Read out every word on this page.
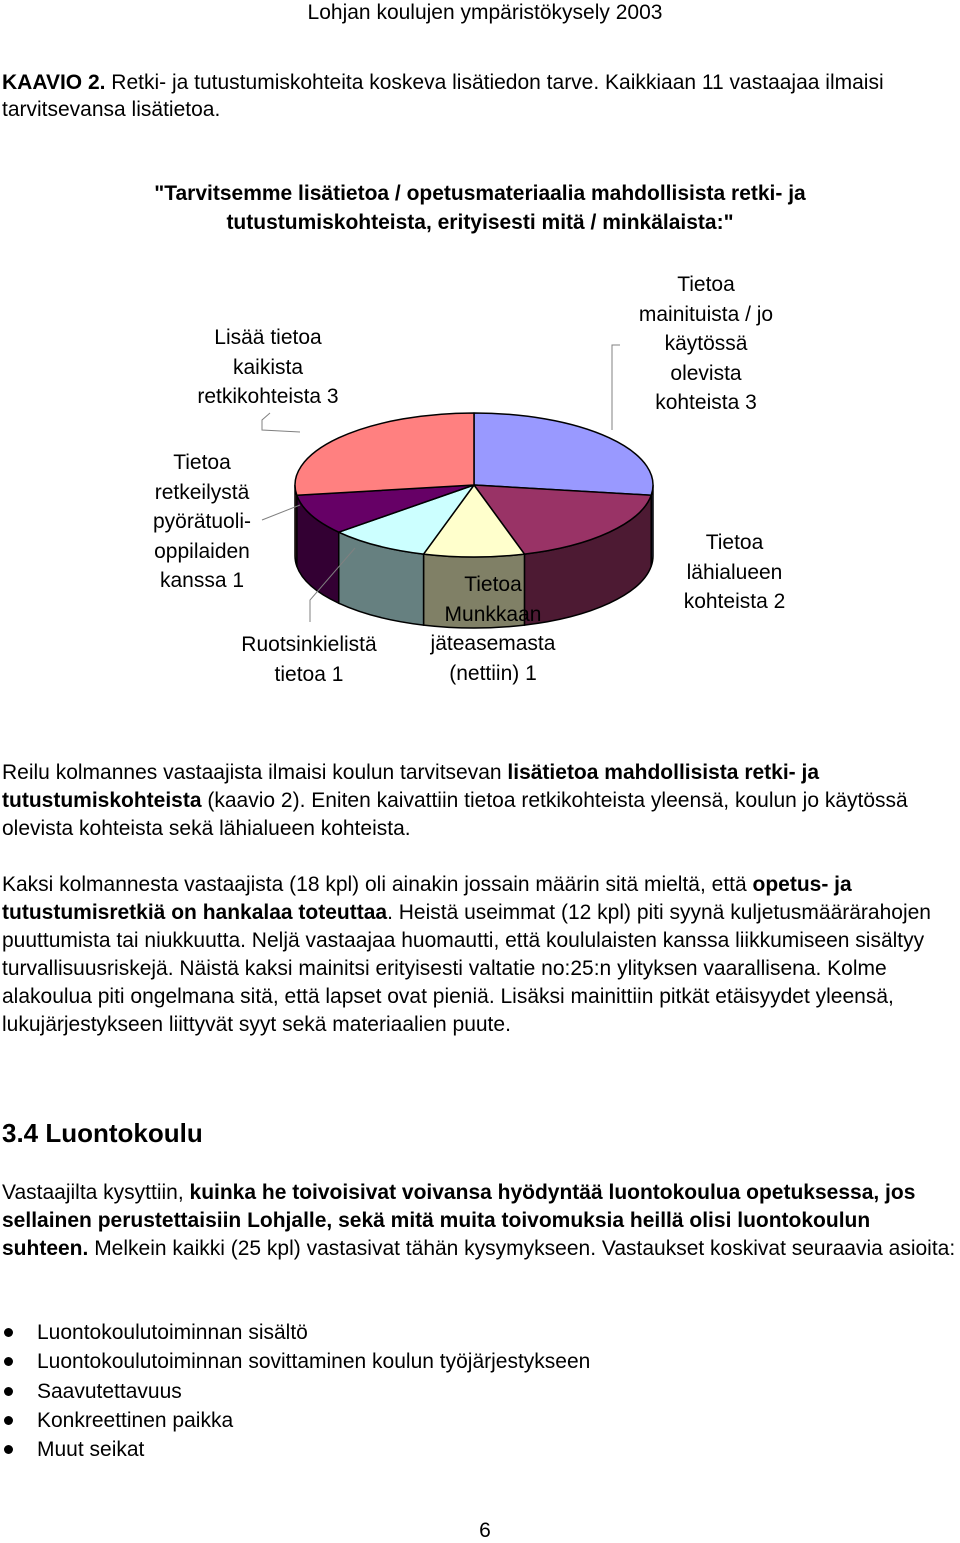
Lohjan koulujen ympäristökysely 2003
KAAVIO 2. Retki- ja tutustumiskohteita koskeva lisätiedon tarve. Kaikkiaan 11 vastaajaa ilmaisi tarvitsevansa lisätietoa.
"Tarvitsemme lisätietoa / opetusmateriaalia mahdollisista retki- ja tutustumiskohteista, erityisesti mitä / minkälaista:"
Tietoa
mainituista / jo
käytössä
olevista
kohteista 3
Tietoa
lähialueen
kohteista 2
Tietoa
Munkkaan
jäteasemasta
(nettiin) 1
Ruotsinkielistä
tietoa 1
Tietoa
retkeilystä
pyörätuoli-
oppilaiden
kanssa 1
Lisää tietoa
kaikista
retkikohteista 3
Reilu kolmannes vastaajista ilmaisi koulun tarvitsevan lisätietoa mahdollisista retki- ja tutustumiskohteista (kaavio 2). Eniten kaivattiin tietoa retkikohteista yleensä, koulun jo käytössä olevista kohteista sekä lähialueen kohteista.
Kaksi kolmannesta vastaajista (18 kpl) oli ainakin jossain määrin sitä mieltä, että opetus- ja tutustumisretkiä on hankalaa toteuttaa. Heistä useimmat (12 kpl) piti syynä kuljetusmäärärahojen puuttumista tai niukkuutta. Neljä vastaajaa huomautti, että koululaisten kanssa liikkumiseen sisältyy turvallisuusriskejä. Näistä kaksi mainitsi erityisesti valtatie no:25:n ylityksen vaarallisena. Kolme alakoulua piti ongelmana sitä, että lapset ovat pieniä. Lisäksi mainittiin pitkät etäisyydet yleensä, lukujärjestykseen liittyvät syyt sekä materiaalien puute.
3.4 Luontokoulu
Vastaajilta kysyttiin, kuinka he toivoisivat voivansa hyödyntää luontokoulua opetuksessa, jos sellainen perustettaisiin Lohjalle, sekä mitä muita toivomuksia heillä olisi luontokoulun suhteen. Melkein kaikki (25 kpl) vastasivat tähän kysymykseen. Vastaukset koskivat seuraavia asioita:
Luontokoulutoiminnan sisältö
Luontokoulutoiminnan sovittaminen koulun työjärjestykseen
Saavutettavuus
Konkreettinen paikka
Muut seikat
6
